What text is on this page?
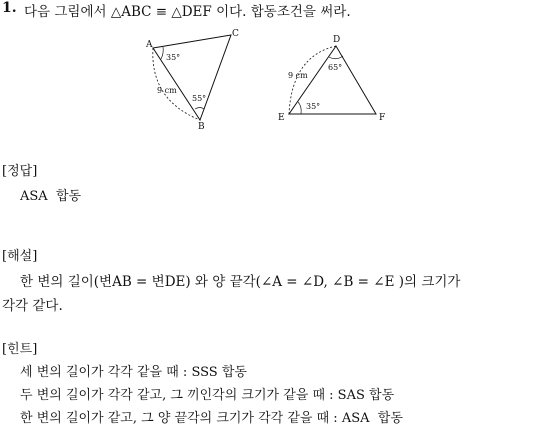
1. 다음 그림에서 △ABC ≡ △DEF 이다. 합동조건을 써라.
A
C
B
35°
55°
9 cm
D
E	F
65°
35°
9 cm
[정답]
ASA  합동
[해설]
한 변의 길이(변AB = 변DE) 와 양 끝각(∠A = ∠D, ∠B = ∠E )의 크기가
각각 같다.
[힌트]
세 변의 길이가 각각 같을 때 : SSS 합동
두 변의 길이가 각각 같고, 그 끼인각의 크기가 같을 때 : SAS 합동
한 변의 길이가 같고, 그 양 끝각의 크기가 각각 같을 때 : ASA  합동
